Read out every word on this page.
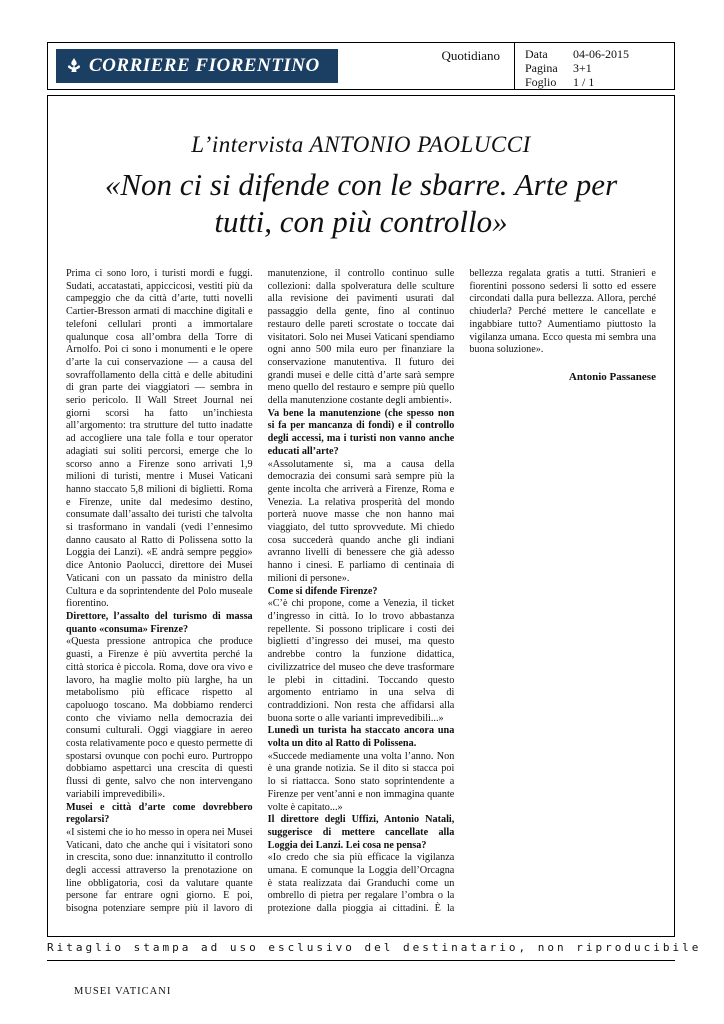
CORRIERE FIORENTINO	Quotidiano	Data	04-06-2015
Pagina	3+1
Foglio	1 / 1
L’intervista ANTONIO PAOLUCCI
«Non ci si difende con le sbarre. Arte per tutti, con più controllo»

Prima ci sono loro, i turisti mordi e fuggi. Sudati, accatastati, appiccicosi, vestiti più da campeggio che da città d’arte, tutti novelli Cartier-Bresson armati di macchine digitali e telefoni cellulari pronti a immortalare qualunque cosa all’ombra della Torre di Arnolfo. Poi ci sono i monumenti e le opere d’arte la cui conservazione — a causa del sovraffollamento della città e delle abitudini di gran parte dei viaggiatori — sembra in serio pericolo. Il Wall Street Journal nei giorni scorsi ha fatto un’inchiesta all’argomento: tra strutture del tutto inadatte ad accogliere una tale folla e tour operator adagiati sui soliti percorsi, emerge che lo scorso anno a Firenze sono arrivati 1,9 milioni di turisti, mentre i Musei Vaticani hanno staccato 5,8 milioni di biglietti. Roma e Firenze, unite dal medesimo destino, consumate dall’assalto dei turisti che talvolta si trasformano in vandali (vedi l’ennesimo danno causato al Ratto di Polissena sotto la Loggia dei Lanzi). «E andrà sempre peggio» dice Antonio Paolucci, direttore dei Musei Vaticani con un passato da ministro della Cultura e da soprintendente del Polo museale fiorentino.

Direttore, l’assalto del turismo di massa quanto «consuma» Firenze?

«Questa pressione antropica che produce guasti, a Firenze è più avvertita perché la città storica è piccola. Roma, dove ora vivo e lavoro, ha maglie molto più larghe, ha un metabolismo più efficace rispetto al capoluogo toscano. Ma dobbiamo renderci conto che viviamo nella democrazia dei consumi culturali. Oggi viaggiare in aereo costa relativamente poco e questo permette di spostarsi ovunque con pochi euro. Purtroppo dobbiamo aspettarci una crescita di questi flussi di gente, salvo che non intervengano variabili imprevedibili».

Musei e città d’arte come dovrebbero regolarsi?

«I sistemi che io ho messo in opera nei Musei Vaticani, dato che anche qui i visitatori sono in crescita, sono due: innanzitutto il controllo degli accessi attraverso la prenotazione on line obbligatoria, così da valutare quante persone far entrare ogni giorno. E poi, bisogna potenziare sempre più il lavoro di manutenzione, il controllo continuo sulle collezioni: dalla spolveratura delle sculture alla revisione dei pavimenti usurati dal passaggio della gente, fino al continuo restauro delle pareti scrostate o toccate dai visitatori. Solo nei Musei Vaticani spendiamo ogni anno 500 mila euro per finanziare la conservazione manutentiva. Il futuro dei grandi musei e delle città d’arte sarà sempre meno quello del restauro e sempre più quello della manutenzione costante degli ambienti».

Va bene la manutenzione (che spesso non si fa per mancanza di fondi) e il controllo degli accessi, ma i turisti non vanno anche educati all’arte?

«Assolutamente sì, ma a causa della democrazia dei consumi sarà sempre più la gente incolta che arriverà a Firenze, Roma e Venezia. La relativa prosperità del mondo porterà nuove masse che non hanno mai viaggiato, del tutto sprovvedute. Mi chiedo cosa succederà quando anche gli indiani avranno livelli di benessere che già adesso hanno i cinesi. E parliamo di centinaia di milioni di persone».

Come si difende Firenze?

«C’è chi propone, come a Venezia, il ticket d’ingresso in città. Io lo trovo abbastanza repellente. Si possono triplicare i costi dei biglietti d’ingresso dei musei, ma questo andrebbe contro la funzione didattica, civilizzatrice del museo che deve trasformare le plebi in cittadini. Toccando questo argomento entriamo in una selva di contraddizioni. Non resta che affidarsi alla buona sorte o alle varianti imprevedibili...»

Lunedì un turista ha staccato ancora una volta un dito al Ratto di Polissena.

«Succede mediamente una volta l’anno. Non è una grande notizia. Se il dito si stacca poi lo si riattacca. Sono stato soprintendente a Firenze per vent’anni e non immagina quante volte è capitato...»

Il direttore degli Uffizi, Antonio Natali, suggerisce di mettere cancellate alla Loggia dei Lanzi. Lei cosa ne pensa?

«Io credo che sia più efficace la vigilanza umana. E comunque la Loggia dell’Orcagna è stata realizzata dai Granduchi come un ombrello di pietra per regalare l’ombra o la protezione dalla pioggia ai cittadini. È la bellezza regalata gratis a tutti. Stranieri e fiorentini possono sedersi lì sotto ed essere circondati dalla pura bellezza. Allora, perché chiuderla? Perché mettere le cancellate e ingabbiare tutto? Aumentiamo piuttosto la vigilanza umana. Ecco questa mi sembra una buona soluzione».

Antonio Passanese

Ritaglio stampa ad uso esclusivo del destinatario, non riproducibile
MUSEI VATICANI
